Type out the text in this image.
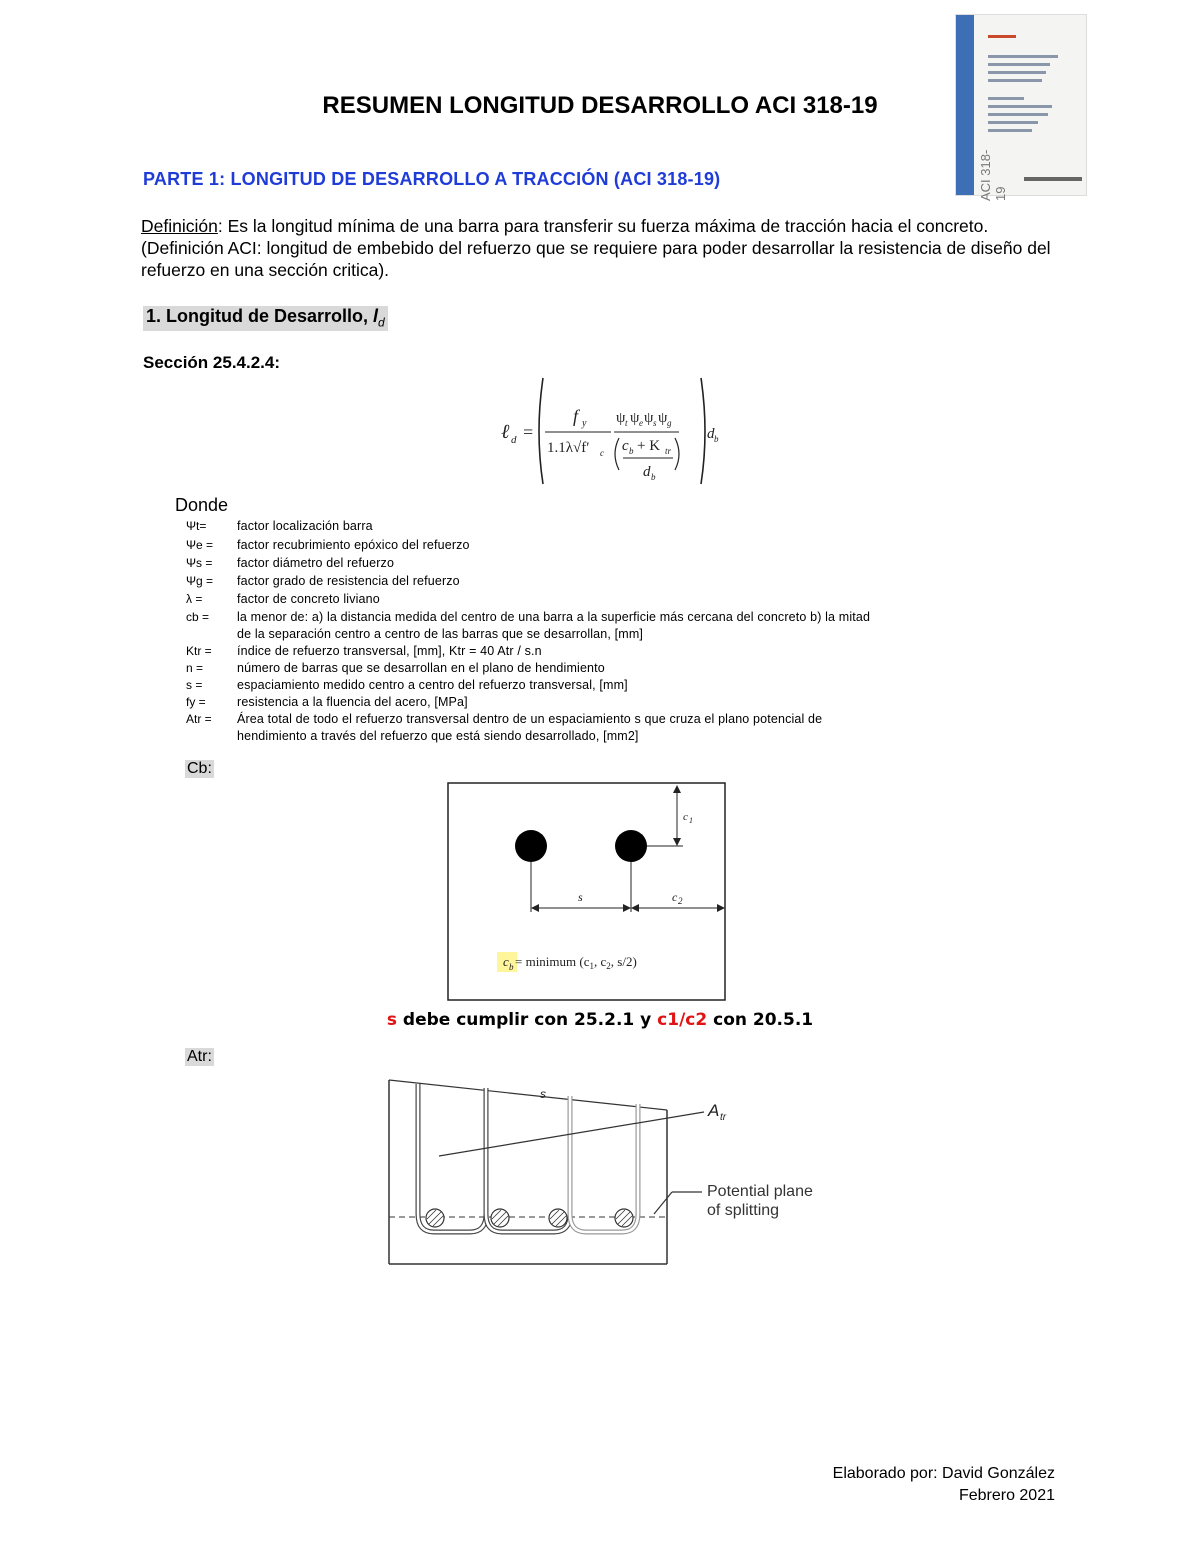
ACI 318-19
RESUMEN LONGITUD DESARROLLO ACI 318-19
PARTE 1: LONGITUD DE DESARROLLO A TRACCIÓN (ACI 318-19)
Definición: Es la longitud mínima de una barra para transferir su fuerza máxima de tracción hacia el concreto. (Definición ACI: longitud de embebido del refuerzo que se requiere para poder desarrollar la resistencia de diseño del refuerzo en una sección critica).
1. Longitud de Desarrollo, $l_d$
Sección 25.4.2.4:
ℓ d =
f y
1.1λ√f′ c
ψ t ψ e ψ s ψ g
c b + K tr
d b
d b
Donde
Ψt= factor localización barra
Ψe = factor recubrimiento epóxico del refuerzo
Ψs = factor diámetro del refuerzo
Ψg = factor grado de resistencia del refuerzo
λ =	factor de concreto liviano
cb = la menor de: a) la distancia medida del centro de una barra a la superficie más cercana del concreto b) la mitad
de la separación centro a centro de las barras que se desarrollan, [mm]
Ktr = índice de refuerzo transversal, [mm], Ktr = 40 Atr / s.n
n =	número de barras que se desarrollan en el plano de hendimiento
s =	espaciamiento medido centro a centro del refuerzo transversal, [mm]
fy =	resistencia a la fluencia del acero, [MPa]
Atr = Área total de todo el refuerzo transversal dentro de un espaciamiento s que cruza el plano potencial de
hendimiento a través del refuerzo que está siendo desarrollado, [mm2]
Cb:
c 1
s	c 2
c b = minimum ($c_1$, $c_2$, s/2)
s debe cumplir con 25.2.1 y c1/c2 con 20.5.1
Atr:
A tr
s
Potential plane
of splitting
Elaborado por: David González
Febrero 2021
